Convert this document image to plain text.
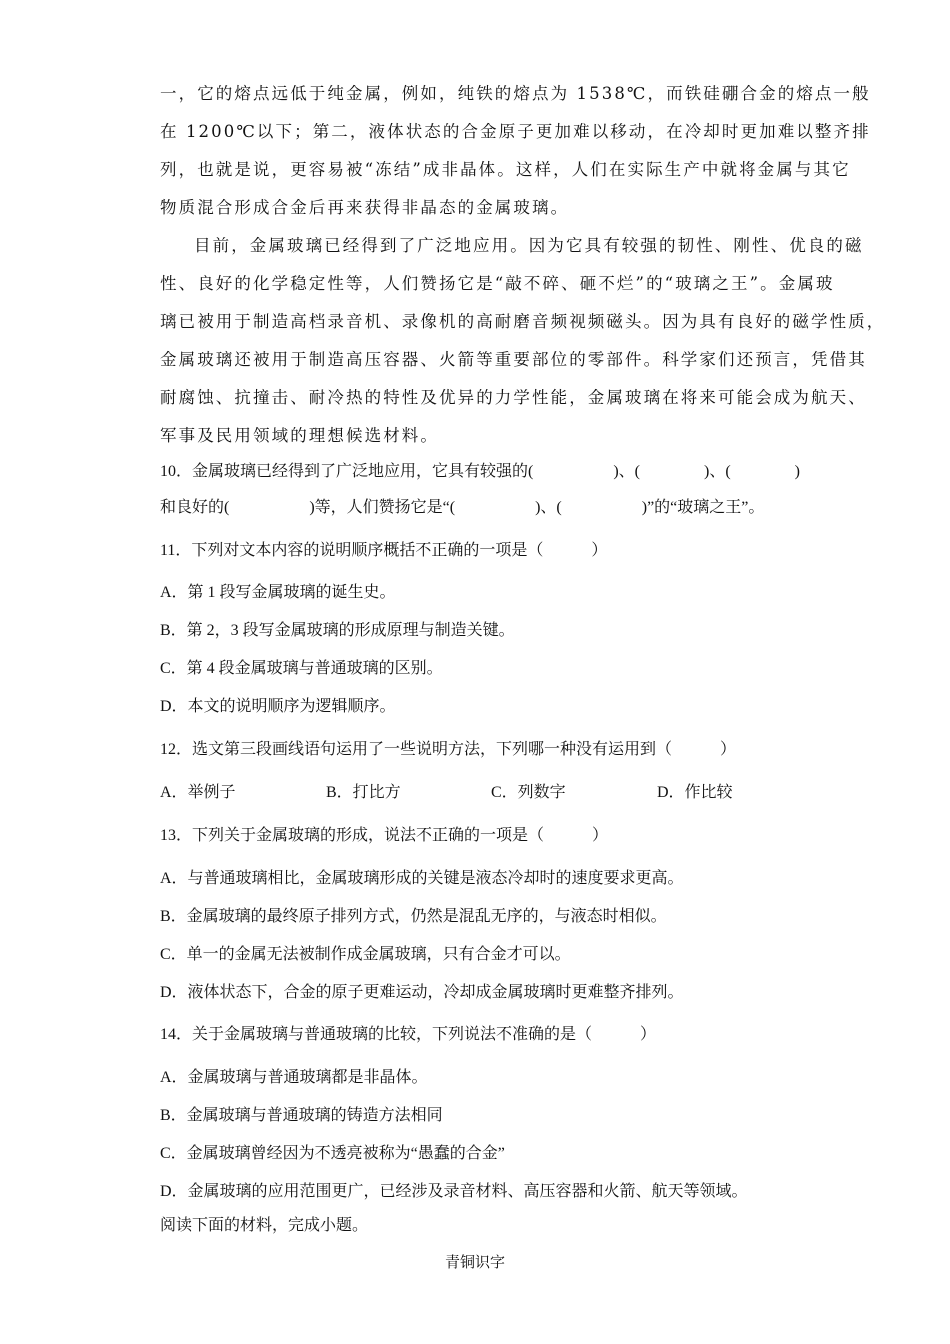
一，它的熔点远低于纯金属，例如，纯铁的熔点为 1538℃，而铁硅硼合金的熔点一般
在 1200℃以下；第二，液体状态的合金原子更加难以移动，在冷却时更加难以整齐排
列，也就是说，更容易被“冻结”成非晶体。这样，人们在实际生产中就将金属与其它
物质混合形成合金后再来获得非晶态的金属玻璃。
目前，金属玻璃已经得到了广泛地应用。因为它具有较强的韧性、刚性、优良的磁
性、良好的化学稳定性等，人们赞扬它是“敲不碎、砸不烂”的“玻璃之王”。金属玻
璃已被用于制造高档录音机、录像机的高耐磨音频视频磁头。因为具有良好的磁学性质，
金属玻璃还被用于制造高压容器、火箭等重要部位的零部件。科学家们还预言，凭借其
耐腐蚀、抗撞击、耐冷热的特性及优异的力学性能，金属玻璃在将来可能会成为航天、
军事及民用领域的理想候选材料。
10．金属玻璃已经得到了广泛地应用，它具有较强的(　　　　　)、(　　　　)、(　　　　)
和良好的(　　　　　)等，人们赞扬它是“(　　　　　)、(　　　　　)”的“玻璃之王”。
11．下列对文本内容的说明顺序概括不正确的一项是（　　　）
A．第 1 段写金属玻璃的诞生史。
B．第 2，3 段写金属玻璃的形成原理与制造关键。
C．第 4 段金属玻璃与普通玻璃的区别。
D．本文的说明顺序为逻辑顺序。
12．选文第三段画线语句运用了一些说明方法，下列哪一种没有运用到（　　　）
A．举例子	B．打比方	C．列数字	D．作比较
13．下列关于金属玻璃的形成，说法不正确的一项是（　　　）
A．与普通玻璃相比，金属玻璃形成的关键是液态冷却时的速度要求更高。
B．金属玻璃的最终原子排列方式，仍然是混乱无序的，与液态时相似。
C．单一的金属无法被制作成金属玻璃，只有合金才可以。
D．液体状态下，合金的原子更难运动，冷却成金属玻璃时更难整齐排列。
14．关于金属玻璃与普通玻璃的比较，下列说法不准确的是（　　　）
A．金属玻璃与普通玻璃都是非晶体。
B．金属玻璃与普通玻璃的铸造方法相同
C．金属玻璃曾经因为不透亮被称为“愚蠢的合金”
D．金属玻璃的应用范围更广，已经涉及录音材料、高压容器和火箭、航天等领域。
阅读下面的材料，完成小题。
青铜识字
